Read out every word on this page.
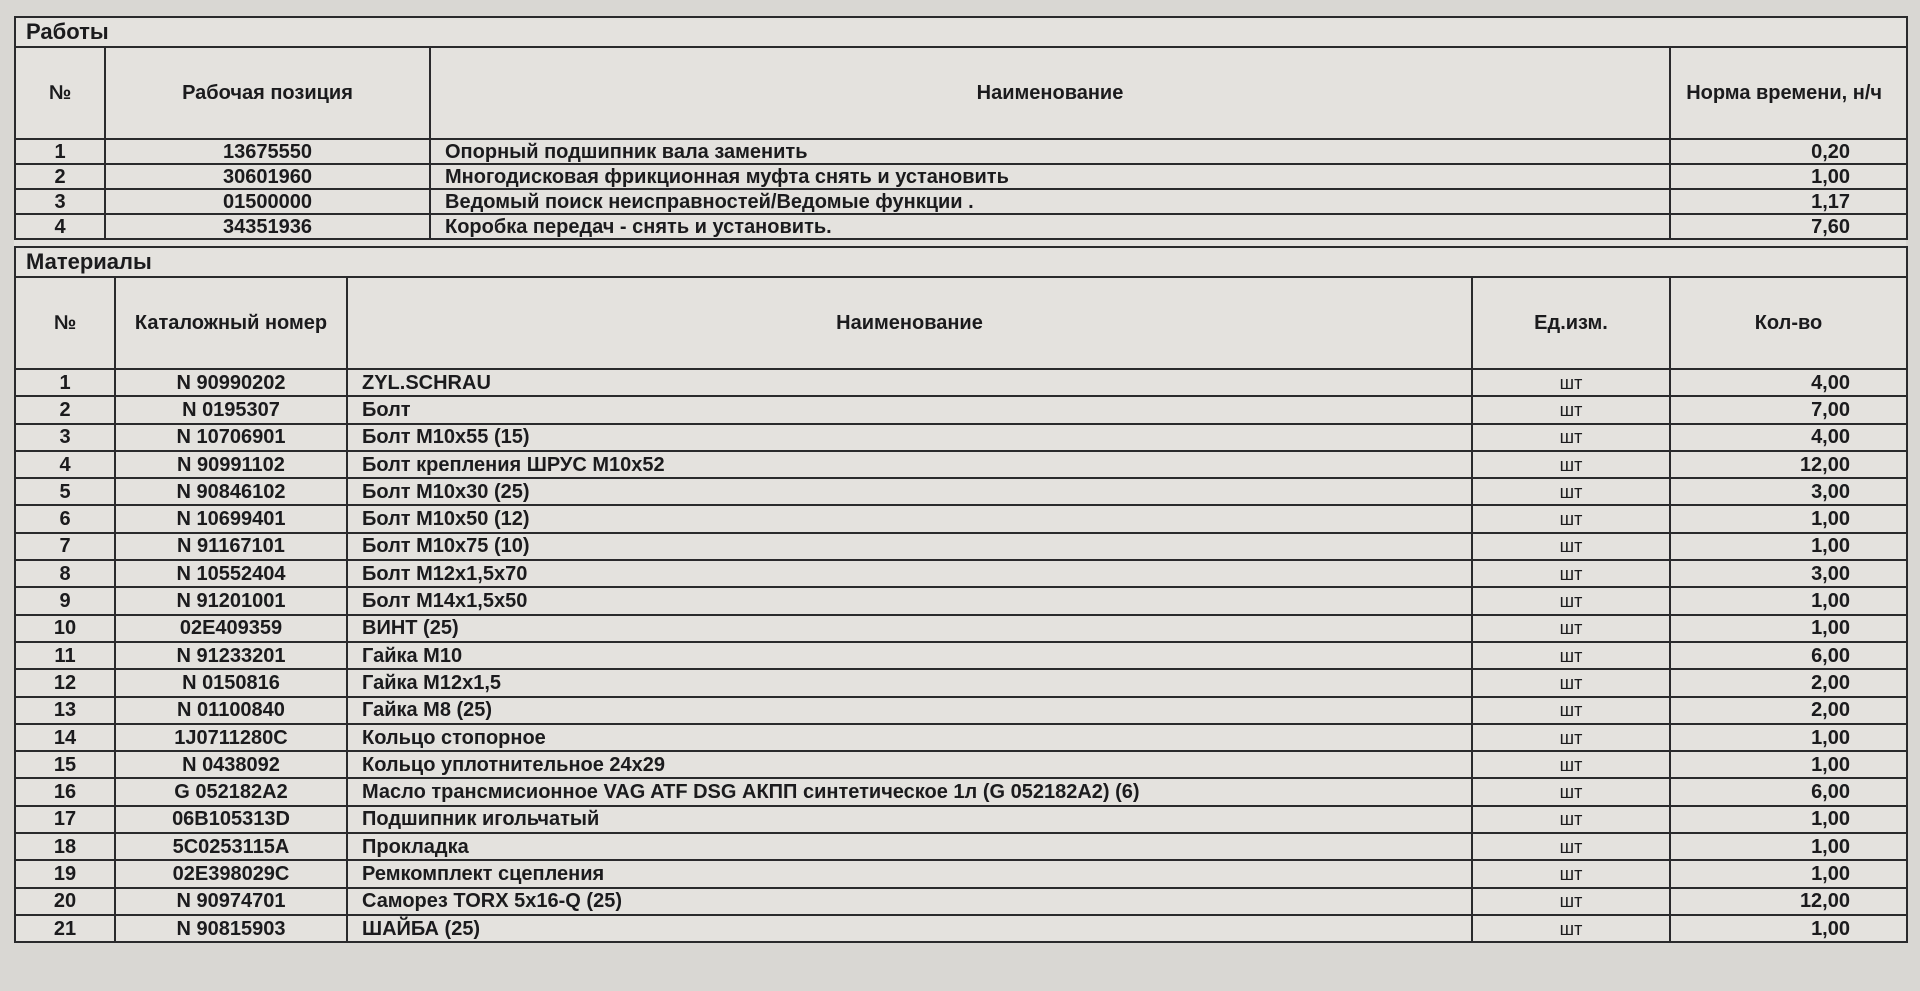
Работы			
№	Рабочая позиция	Наименование	Норма времени, н/ч
1	13675550	Опорный подшипник вала заменить	0,20
2	30601960	Многодисковая фрикционная муфта снять и установить	1,00
3	01500000	Ведомый поиск неисправностей/Ведомые функции .	1,17
4	34351936	Коробка передач - снять и установить.	7,60
Материалы				
№	Каталожный номер	Наименование	Ед.изм.	Кол-во
1	N 90990202	ZYL.SCHRAU	шт	4,00
2	N 0195307	Болт	шт	7,00
3	N 10706901	Болт М10х55 (15)	шт	4,00
4	N 90991102	Болт крепления ШРУС М10х52	шт	12,00
5	N 90846102	Болт М10х30 (25)	шт	3,00
6	N 10699401	Болт М10х50 (12)	шт	1,00
7	N 91167101	Болт М10х75 (10)	шт	1,00
8	N 10552404	Болт М12х1,5х70	шт	3,00
9	N 91201001	Болт М14х1,5х50	шт	1,00
10	02E409359	ВИНТ (25)	шт	1,00
11	N 91233201	Гайка М10	шт	6,00
12	N 0150816	Гайка М12х1,5	шт	2,00
13	N 01100840	Гайка М8 (25)	шт	2,00
14	1J0711280C	Кольцо стопорное	шт	1,00
15	N 0438092	Кольцо уплотнительное 24х29	шт	1,00
16	G 052182A2	Масло трансмисионное VAG ATF DSG АКПП синтетическое 1л (G 052182A2) (6)	шт	6,00
17	06B105313D	Подшипник игольчатый	шт	1,00
18	5C0253115A	Прокладка	шт	1,00
19	02E398029C	Ремкомплект сцепления	шт	1,00
20	N 90974701	Саморез TORX 5x16-Q (25)	шт	12,00
21	N 90815903	ШАЙБА (25)	шт	1,00
